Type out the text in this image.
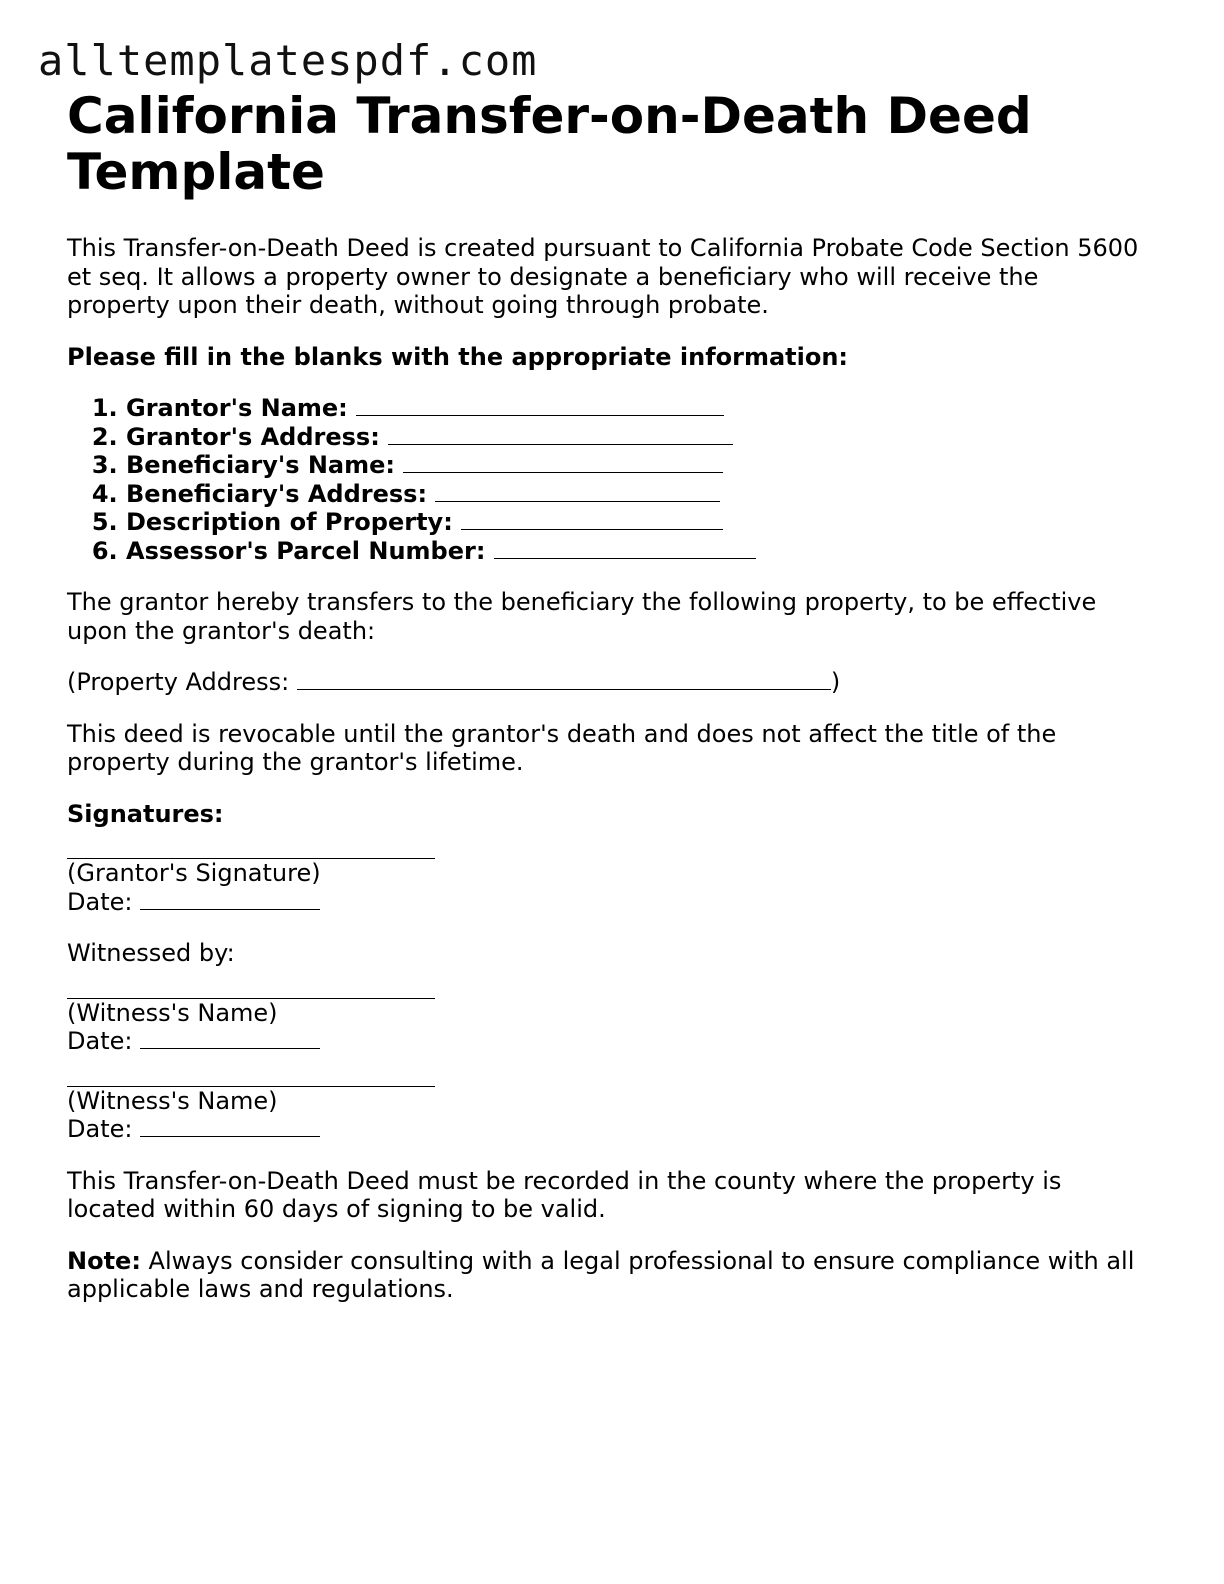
alltemplatespdf.com
California Transfer-on-Death Deed Template

This Transfer-on-Death Deed is created pursuant to California Probate Code Section 5600 et seq. It allows a property owner to designate a beneficiary who will receive the property upon their death, without going through probate.

Please fill in the blanks with the appropriate information:

1. Grantor's Name:
2. Grantor's Address:
3. Beneficiary's Name:
4. Beneficiary's Address:
5. Description of Property:
6. Assessor's Parcel Number:

The grantor hereby transfers to the beneficiary the following property, to be effective upon the grantor's death:

(Property Address:	)

This deed is revocable until the grantor's death and does not affect the title of the property during the grantor's lifetime.

Signatures:

(Grantor's Signature)
Date:

Witnessed by:

(Witness's Name)
Date:
(Witness's Name)
Date:

This Transfer-on-Death Deed must be recorded in the county where the property is located within 60 days of signing to be valid.

Note: Always consider consulting with a legal professional to ensure compliance with all applicable laws and regulations.
